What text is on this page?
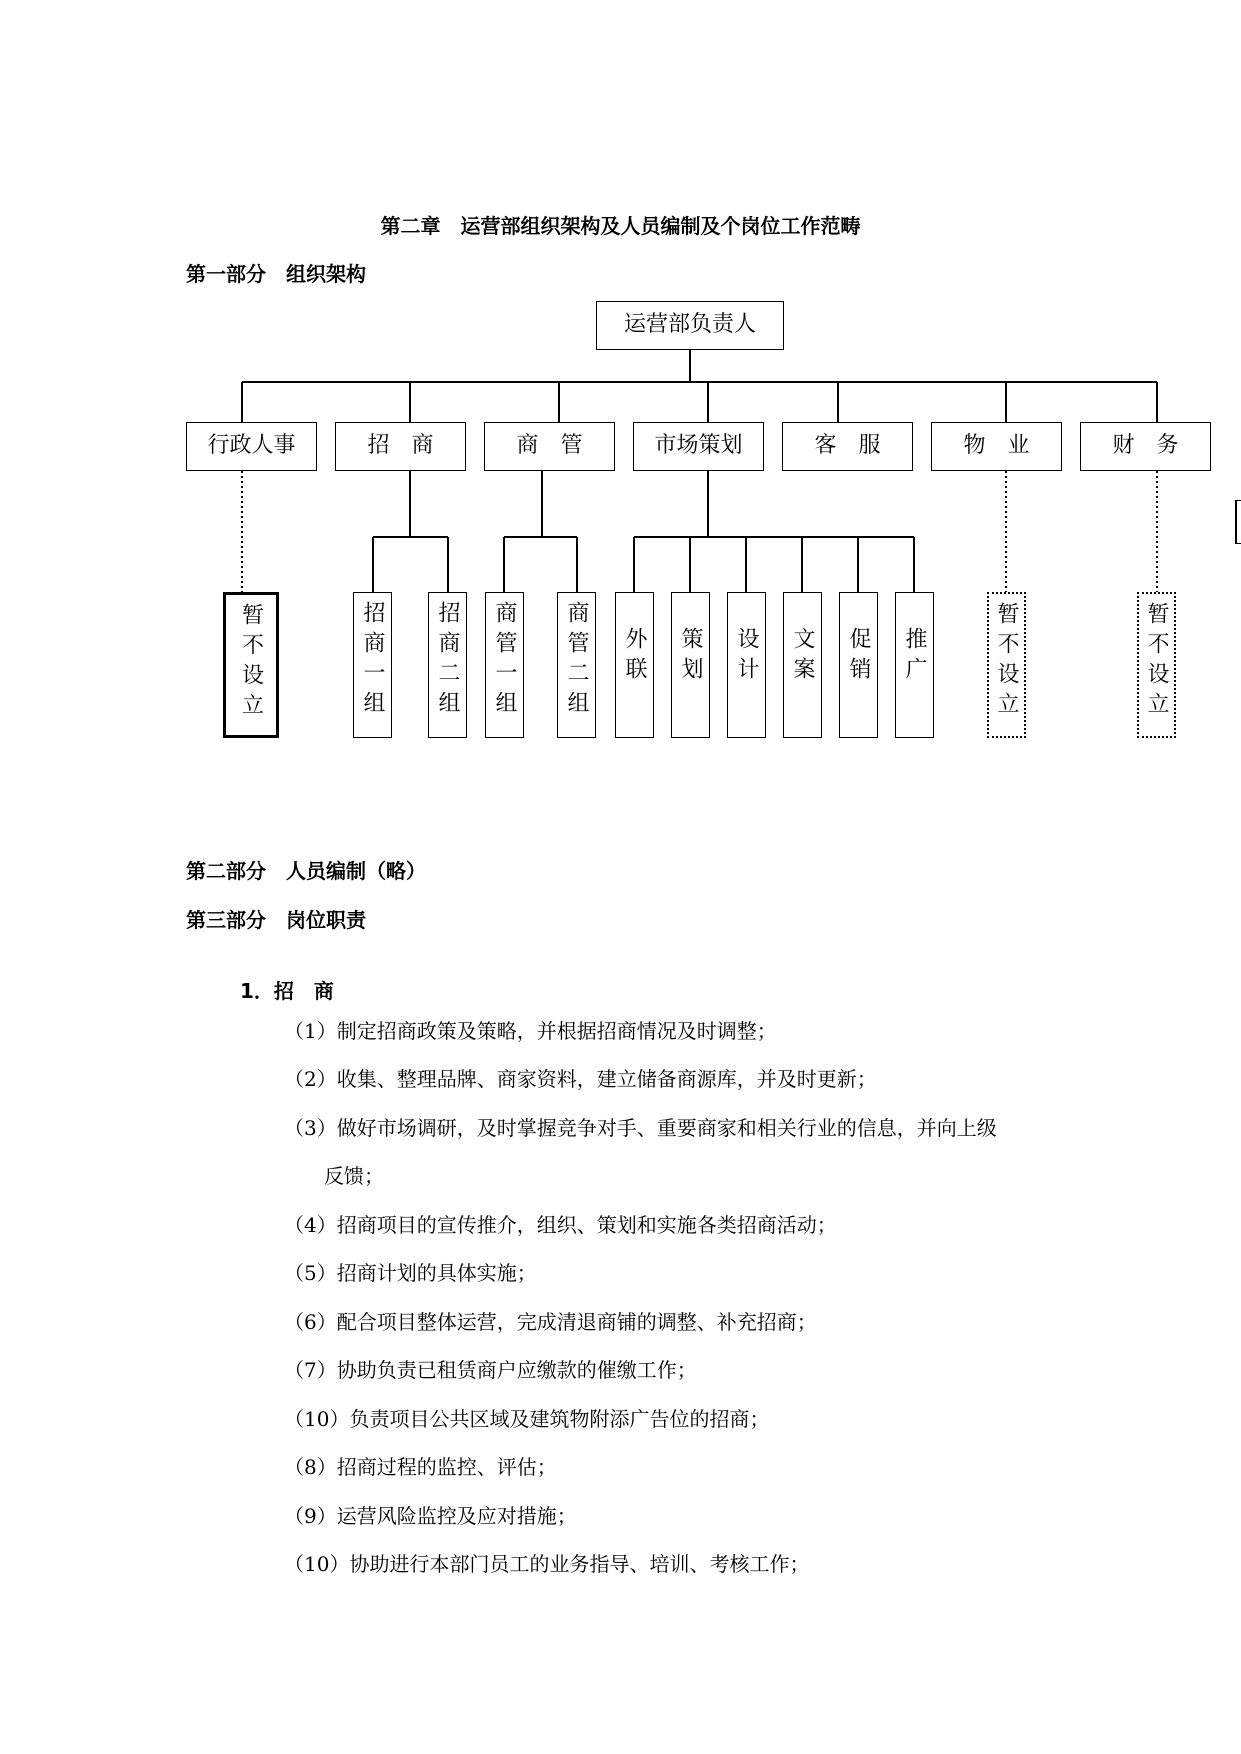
第二章　运营部组织架构及人员编制及个岗位工作范畴
第一部分　组织架构
运营部负责人
行政人事	招　商	商　管	市场策划	客　服	物　业	财　务
暂不设立	招商一组	招商二组	商管一组	商管二组	外联	策划	设计	文案	促销	推广	暂不设立	暂不设立
第二部分　人员编制（略）
第三部分　岗位职责
1．招　商

（1）制定招商政策及策略，并根据招商情况及时调整；

（2）收集、整理品牌、商家资料，建立储备商源库，并及时更新；

（3）做好市场调研，及时掌握竞争对手、重要商家和相关行业的信息，并向上级

　　反馈；

（4）招商项目的宣传推介，组织、策划和实施各类招商活动；

（5）招商计划的具体实施；

（6）配合项目整体运营，完成清退商铺的调整、补充招商；

（7）协助负责已租赁商户应缴款的催缴工作；

（10）负责项目公共区域及建筑物附添广告位的招商；

（8）招商过程的监控、评估；

（9）运营风险监控及应对措施；

（10）协助进行本部门员工的业务指导、培训、考核工作；
